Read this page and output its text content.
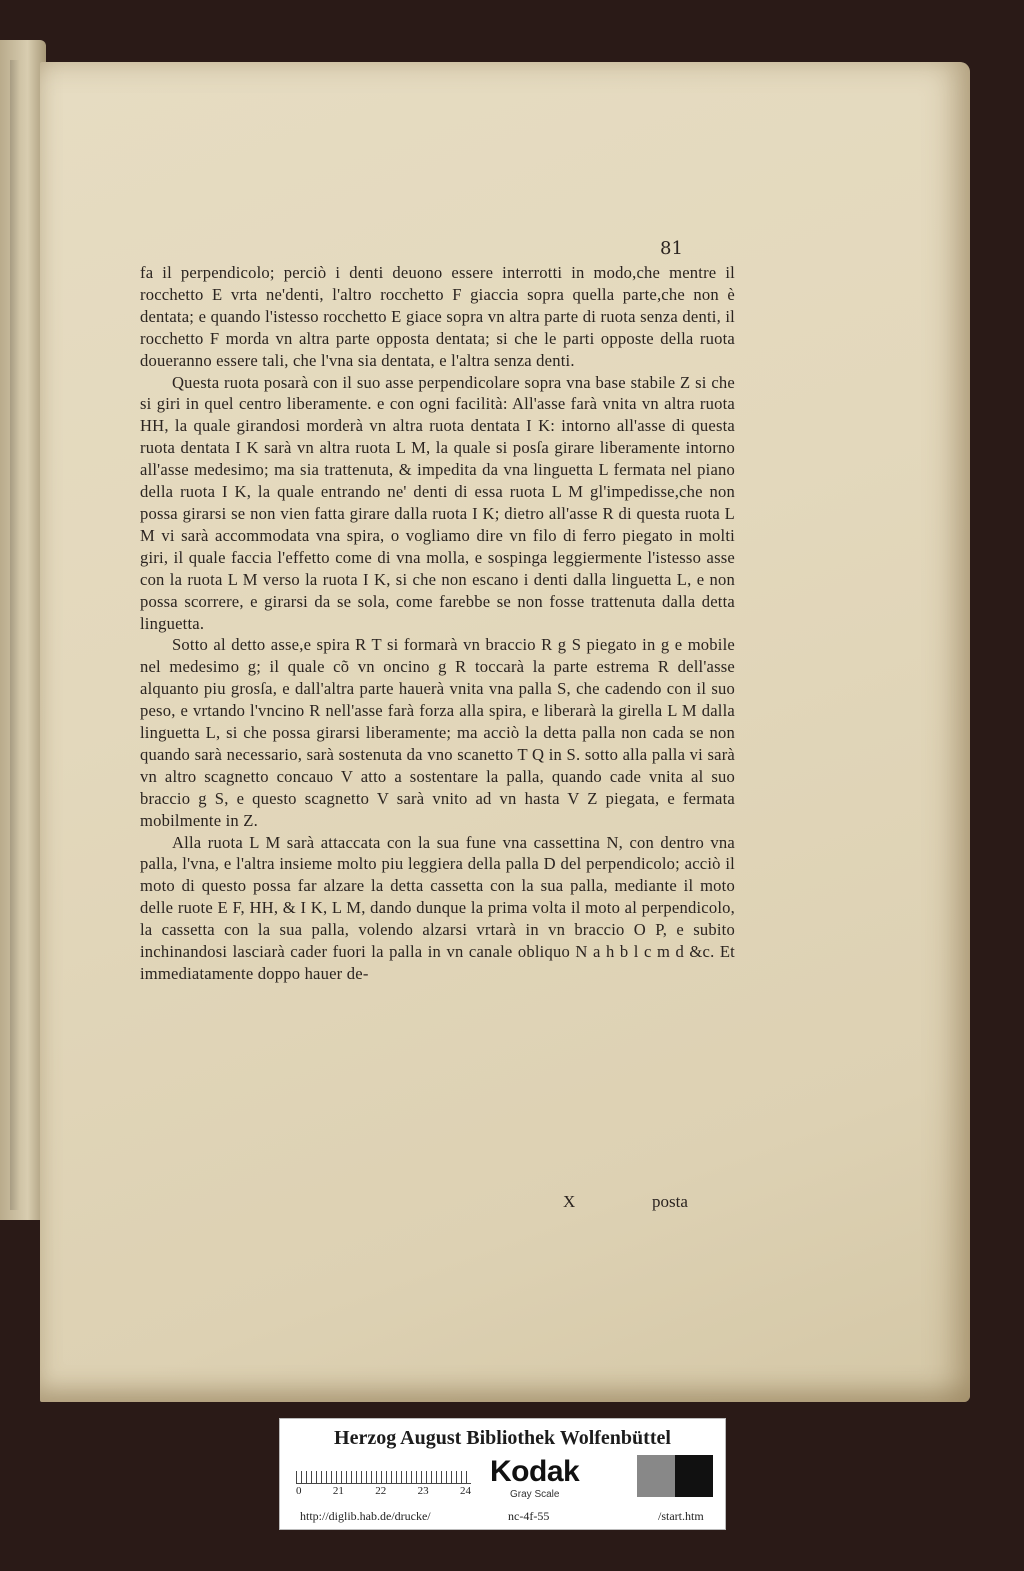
81

fa il perpendicolo; perciò i denti deuono essere interrotti in modo,che mentre il rocchetto E vrta ne'denti, l'altro rocchetto F giaccia sopra quella parte,che non è dentata; e quando l'istesso rocchetto E giace sopra vn altra parte di ruota senza denti, il rocchetto F morda vn altra parte opposta dentata; si che le parti opposte della ruota doueranno essere tali, che l'vna sia dentata, e l'altra senza denti.

Questa ruota posarà con il suo asse perpendicolare sopra vna base stabile Z si che si giri in quel centro liberamente. e con ogni facilità: All'asse farà vnita vn altra ruota HH, la quale girandosi morderà vn altra ruota dentata I K: intorno all'asse di questa ruota dentata I K sarà vn altra ruota L M, la quale si posſa girare liberamente intorno all'asse medesimo; ma sia trattenuta, & impedita da vna linguetta L fermata nel piano della ruota I K, la quale entrando ne' denti di essa ruota L M gl'impedisse,che non possa girarsi se non vien fatta girare dalla ruota I K; dietro all'asse R di questa ruota L M vi sarà accommodata vna spira, o vogliamo dire vn filo di ferro piegato in molti giri, il quale faccia l'effetto come di vna molla, e sospinga leggiermente l'istesso asse con la ruota L M verso la ruota I K, si che non escano i denti dalla linguetta L, e non possa scorrere, e girarsi da se sola, come farebbe se non fosse trattenuta dalla detta linguetta.

Sotto al detto asse,e spira R T si formarà vn braccio R g S piegato in g e mobile nel medesimo g; il quale cõ vn oncino g R toccarà la parte estrema R dell'asse alquanto piu grosſa, e dall'altra parte hauerà vnita vna palla S, che cadendo con il suo peso, e vrtando l'vncino R nell'asse farà forza alla spira, e liberarà la girella L M dalla linguetta L, si che possa girarsi liberamente; ma acciò la detta palla non cada se non quando sarà necessario, sarà sostenuta da vno scanetto T Q in S. sotto alla palla vi sarà vn altro scagnetto concauo V atto a sostentare la palla, quando cade vnita al suo braccio g S, e questo scagnetto V sarà vnito ad vn hasta V Z piegata, e fermata mobilmente in Z.

Alla ruota L M sarà attaccata con la sua fune vna cassettina N, con dentro vna palla, l'vna, e l'altra insieme molto piu leggiera della palla D del perpendicolo; acciò il moto di questo possa far alzare la detta cassetta con la sua palla, mediante il moto delle ruote E F, HH, & I K, L M, dando dunque la prima volta il moto al perpendicolo, la cassetta con la sua palla, volendo alzarsi vrtarà in vn braccio O P, e subito inchinandosi lasciarà cader fuori la palla in vn canale obliquo N a h b l c m d &c. Et immediatamente doppo hauer de-

X	posta
Herzog August Bibliothek Wolfenbüttel
0	21	22	23	24
Kodak
Gray Scale
http://diglib.hab.de/drucke/	nc-4f-55	/start.htm
